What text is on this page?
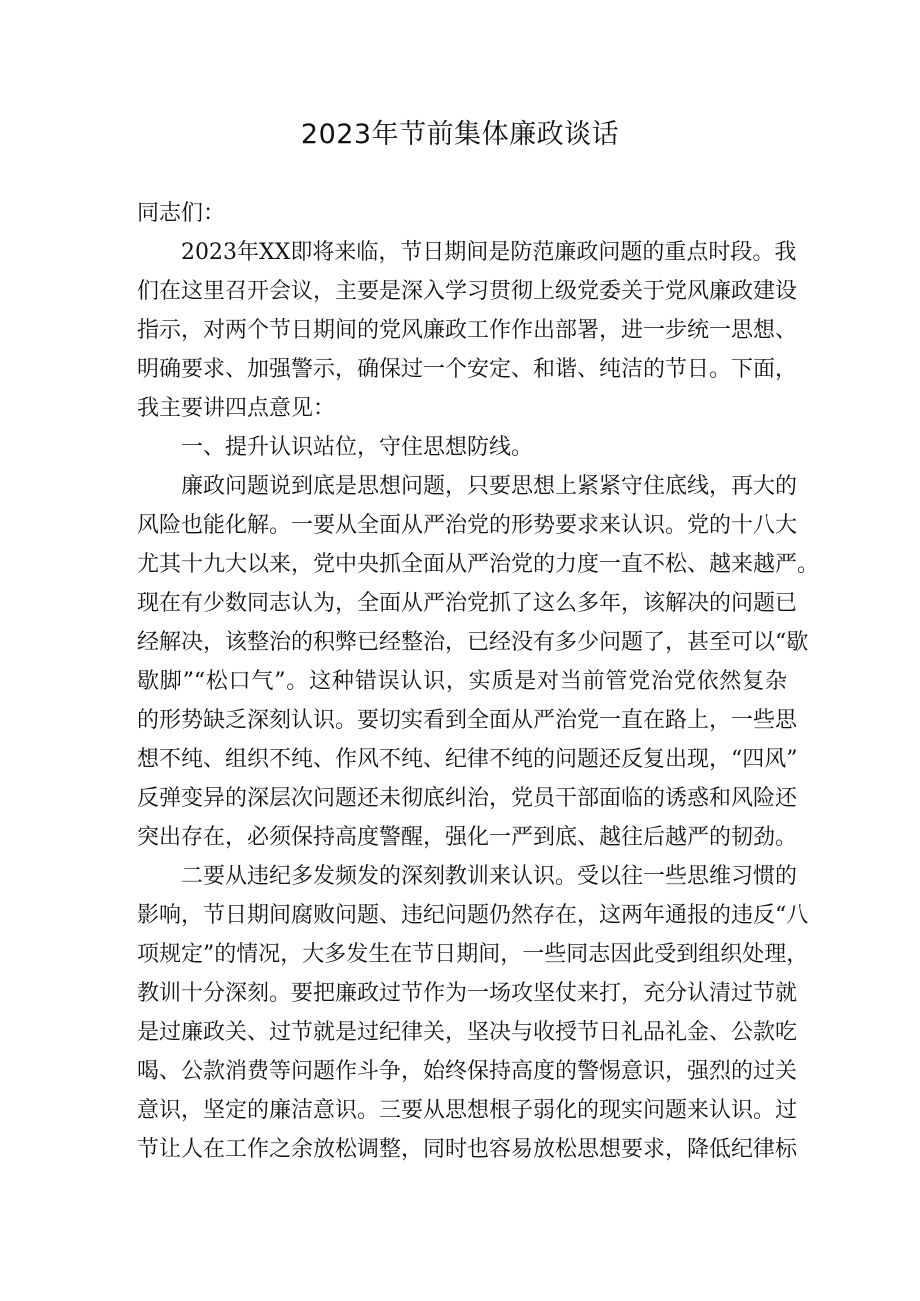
2023年节前集体廉政谈话

同志们：

2023年XX即将来临，节日期间是防范廉政问题的重点时段。我

们在这里召开会议，主要是深入学习贯彻上级党委关于党风廉政建设

指示，对两个节日期间的党风廉政工作作出部署，进一步统一思想、

明确要求、加强警示，确保过一个安定、和谐、纯洁的节日。下面，

我主要讲四点意见：

一、提升认识站位，守住思想防线。

廉政问题说到底是思想问题，只要思想上紧紧守住底线，再大的

风险也能化解。一要从全面从严治党的形势要求来认识。党的十八大

尤其十九大以来，党中央抓全面从严治党的力度一直不松、越来越严。

现在有少数同志认为，全面从严治党抓了这么多年，该解决的问题已

经解决，该整治的积弊已经整治，已经没有多少问题了，甚至可以“歇

歇脚”“松口气”。这种错误认识，实质是对当前管党治党依然复杂

的形势缺乏深刻认识。要切实看到全面从严治党一直在路上，一些思

想不纯、组织不纯、作风不纯、纪律不纯的问题还反复出现，“四风”

反弹变异的深层次问题还未彻底纠治，党员干部面临的诱惑和风险还

突出存在，必须保持高度警醒，强化一严到底、越往后越严的韧劲。

二要从违纪多发频发的深刻教训来认识。受以往一些思维习惯的

影响，节日期间腐败问题、违纪问题仍然存在，这两年通报的违反“八

项规定”的情况，大多发生在节日期间，一些同志因此受到组织处理，

教训十分深刻。要把廉政过节作为一场攻坚仗来打，充分认清过节就

是过廉政关、过节就是过纪律关，坚决与收授节日礼品礼金、公款吃

喝、公款消费等问题作斗争，始终保持高度的警惕意识，强烈的过关

意识，坚定的廉洁意识。三要从思想根子弱化的现实问题来认识。过

节让人在工作之余放松调整，同时也容易放松思想要求，降低纪律标
